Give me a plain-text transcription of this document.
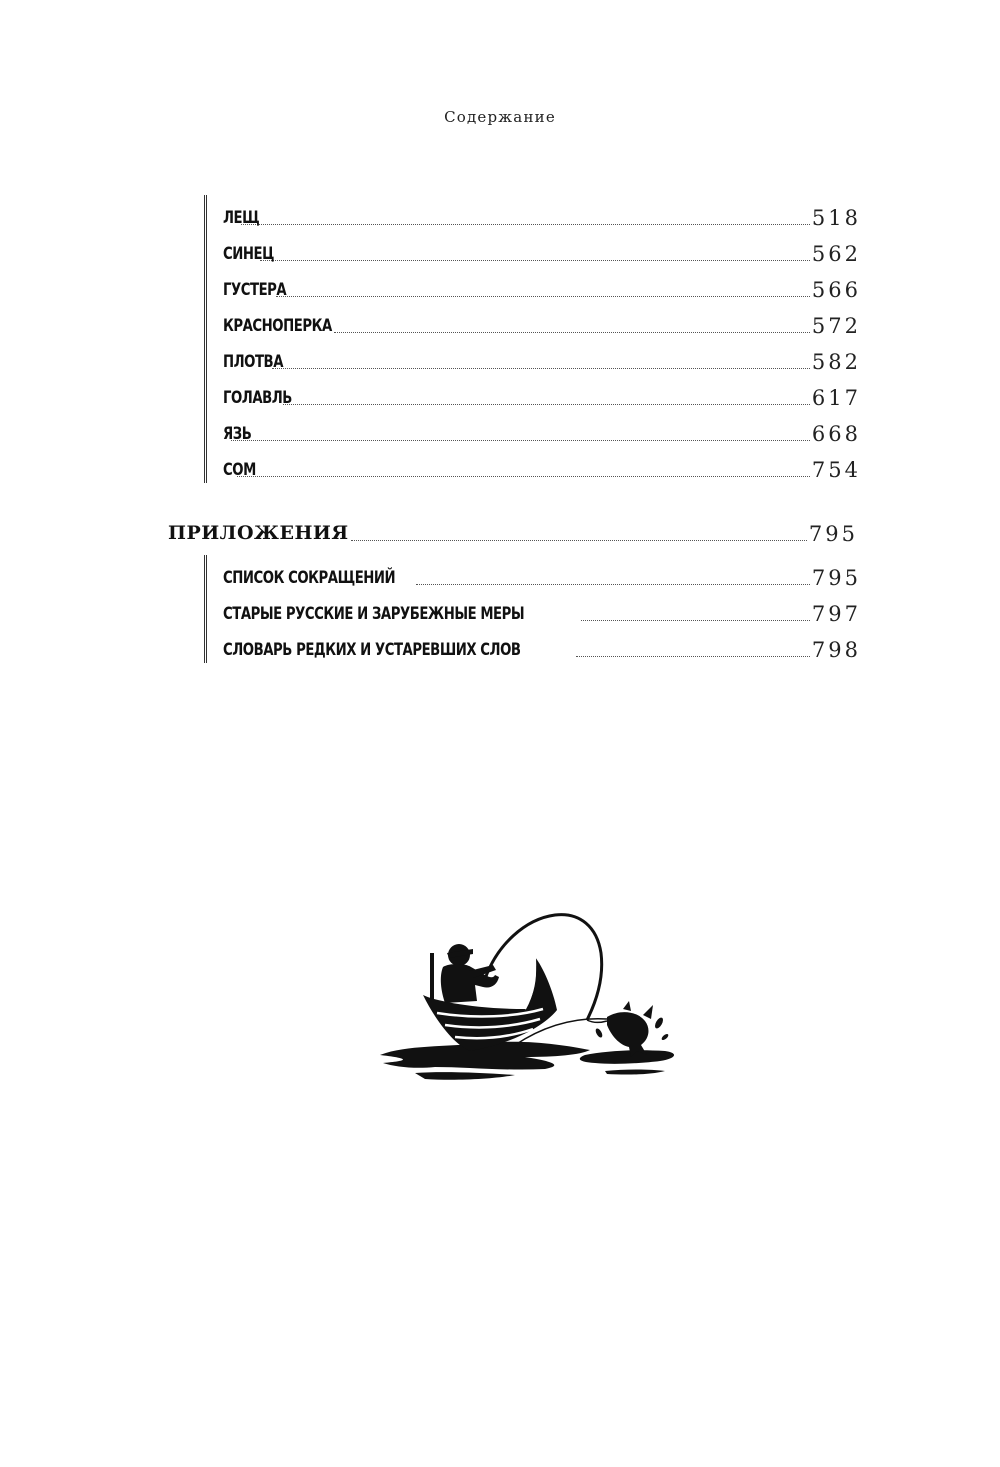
Содержание
ЛЕЩ	518
СИНЕЦ	562
ГУСТЕРА	566
КРАСНОПЕРКА	572
ПЛОТВА	582
ГОЛАВЛЬ	617
ЯЗЬ	668
СОМ	754
ПРИЛОЖЕНИЯ	795
СПИСОК СОКРАЩЕНИЙ	795
СТАРЫЕ РУССКИЕ И ЗАРУБЕЖНЫЕ МЕРЫ	797
СЛОВАРЬ РЕДКИХ И УСТАРЕВШИХ СЛОВ	798
